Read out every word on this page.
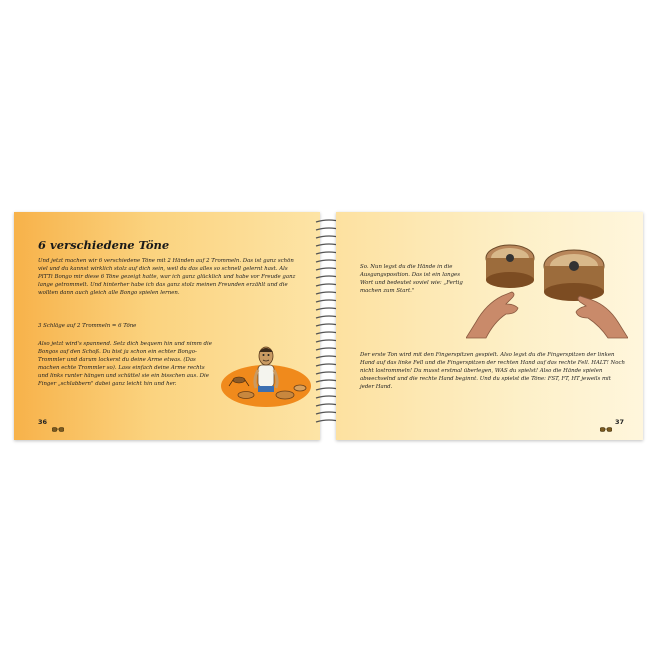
6 verschiedene Töne
Und jetzt machen wir 6 verschiedene Töne mit 2 Händen auf 2 Trommeln. Das ist ganz schön viel und du kannst wirklich stolz auf dich sein, weil du das alles so schnell gelernt hast. Als PITTi Bongo mir diese 6 Töne gezeigt hatte, war ich ganz glücklich und habe vor Freude ganz lange getrommelt. Und hinterher habe ich das ganz stolz meinen Freunden erzählt und die wollten dann auch gleich alle Bongo spielen lernen.
3 Schläge auf 2 Trommeln = 6 Töne
Also jetzt wird's spannend. Setz dich bequem hin und nimm die Bongos auf den Schoß. Du bist ja schon ein echter Bongo-Trommler und darum lockerst du deine Arme etwas. (Das machen echte Trommler so). Lass einfach deine Arme rechts und links runter hängen und schüttel sie ein bisschen aus. Die Finger „schlabbern" dabei ganz leicht hin und her.
36
So. Nun legst du die Hände in die Ausgangsposition. Das ist ein langes Wort und bedeutet soviel wie: „Fertig machen zum Start."
Der erste Ton wird mit den Fingerspitzen gespielt. Also legst du die Fingerspitzen der linken Hand auf das linke Fell und die Fingerspitzen der rechten Hand auf das rechte Fell. HALT! Noch nicht lostrommeln! Du musst erstmal überlegen, WAS du spielst! Also die Hände spielen abwechselnd und die rechte Hand beginnt. Und du spielst die Töne: FST, FT, HT jeweils mit jeder Hand.
37
